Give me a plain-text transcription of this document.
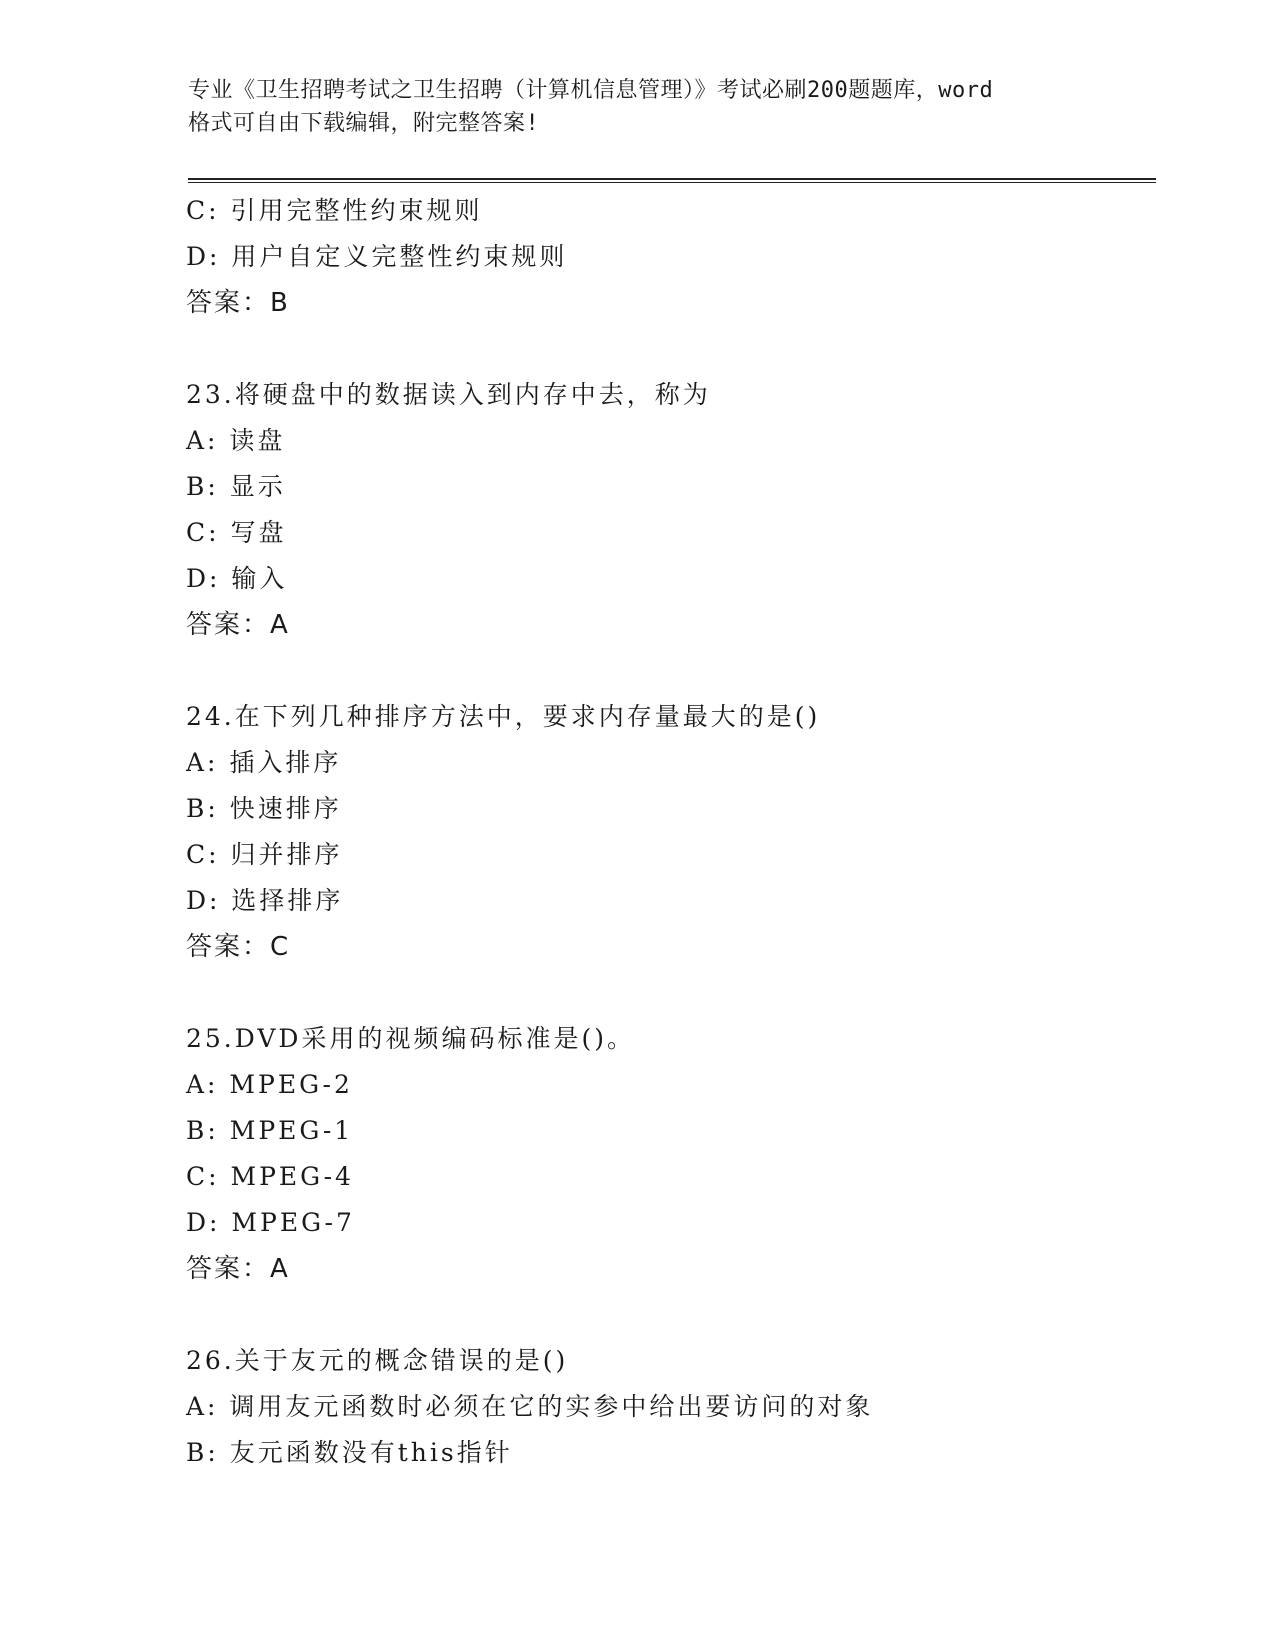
专业《卫生招聘考试之卫生招聘（计算机信息管理）》考试必刷200题题库，word
格式可自由下载编辑，附完整答案!
C: 引用完整性约束规则
D: 用户自定义完整性约束规则
答案：B
23.将硬盘中的数据读入到内存中去，称为
A: 读盘
B: 显示
C: 写盘
D: 输入
答案：A
24.在下列几种排序方法中，要求内存量最大的是()
A: 插入排序
B: 快速排序
C: 归并排序
D: 选择排序
答案：C
25.DVD采用的视频编码标准是()。
A: MPEG-2
B: MPEG-1
C: MPEG-4
D: MPEG-7
答案：A
26.关于友元的概念错误的是()
A: 调用友元函数时必须在它的实参中给出要访问的对象
B: 友元函数没有this指针
